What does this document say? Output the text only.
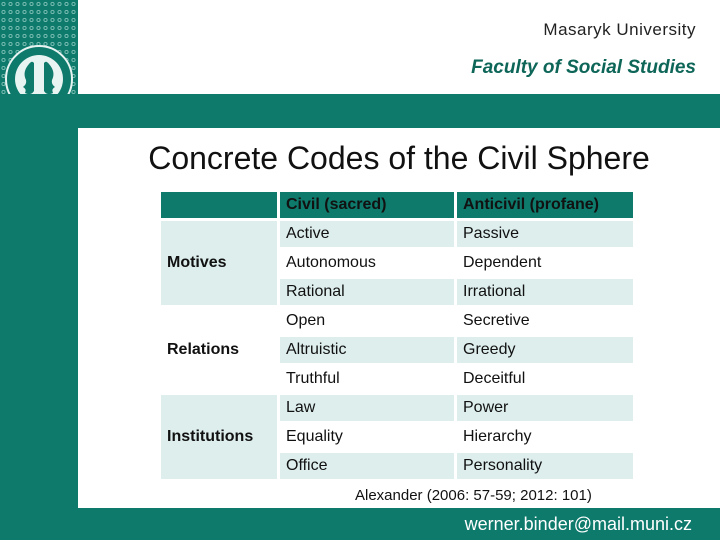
Masaryk University
Faculty of Social Studies
Concrete Codes of the Civil Sphere
	Civil (sacred)	Anticivil (profane)
Motives	Active	Passive
	Autonomous	Dependent
	Rational	Irrational
Relations	Open	Secretive
	Altruistic	Greedy
	Truthful	Deceitful
Institutions	Law	Power
	Equality	Hierarchy
	Office	Personality
Alexander (2006: 57-59; 2012: 101)
werner.binder@mail.muni.cz
